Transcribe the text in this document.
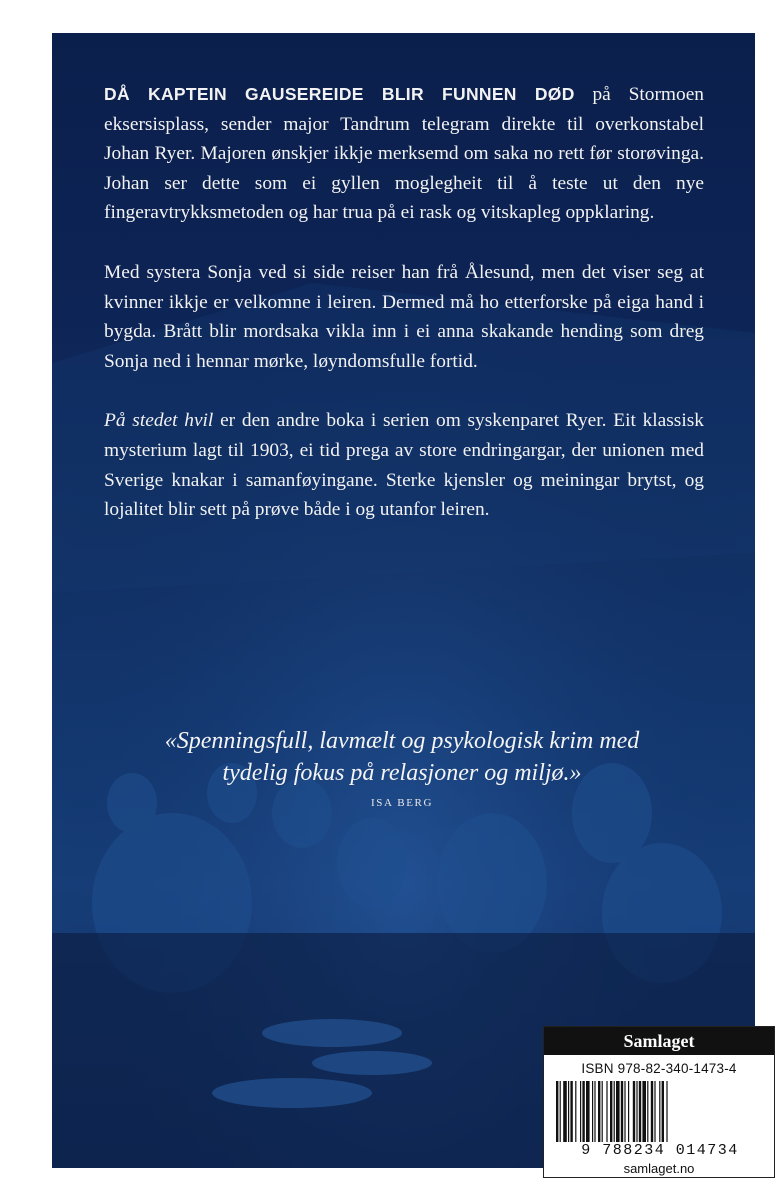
DÅ KAPTEIN GAUSEREIDE BLIR FUNNEN DØD på Stormoen eksersisplass, sender major Tandrum telegram direkte til overkonstabel Johan Ryer. Majoren ønskjer ikkje merksemd om saka no rett før storøvinga. Johan ser dette som ei gyllen moglegheit til å teste ut den nye fingeravtrykksmetoden og har trua på ei rask og vitskapleg oppklaring.

Med systera Sonja ved si side reiser han frå Ålesund, men det viser seg at kvinner ikkje er velkomne i leiren. Dermed må ho etterforske på eiga hand i bygda. Brått blir mordsaka vikla inn i ei anna skakande hending som dreg Sonja ned i hennar mørke, løyndomsfulle fortid.

På stedet hvil er den andre boka i serien om syskenparet Ryer. Eit klassisk mysterium lagt til 1903, ei tid prega av store endringargar, der unionen med Sverige knakar i samanføyingane. Sterke kjensler og meiningar brytst, og lojalitet blir sett på prøve både i og utanfor leiren.

«Spenningsfull, lavmælt og psykologisk krim med
tydelig fokus på relasjoner og miljø.»
ISA BERG
Samlaget
ISBN 978-82-340-1473-4
9 788234 014734
samlaget.no
